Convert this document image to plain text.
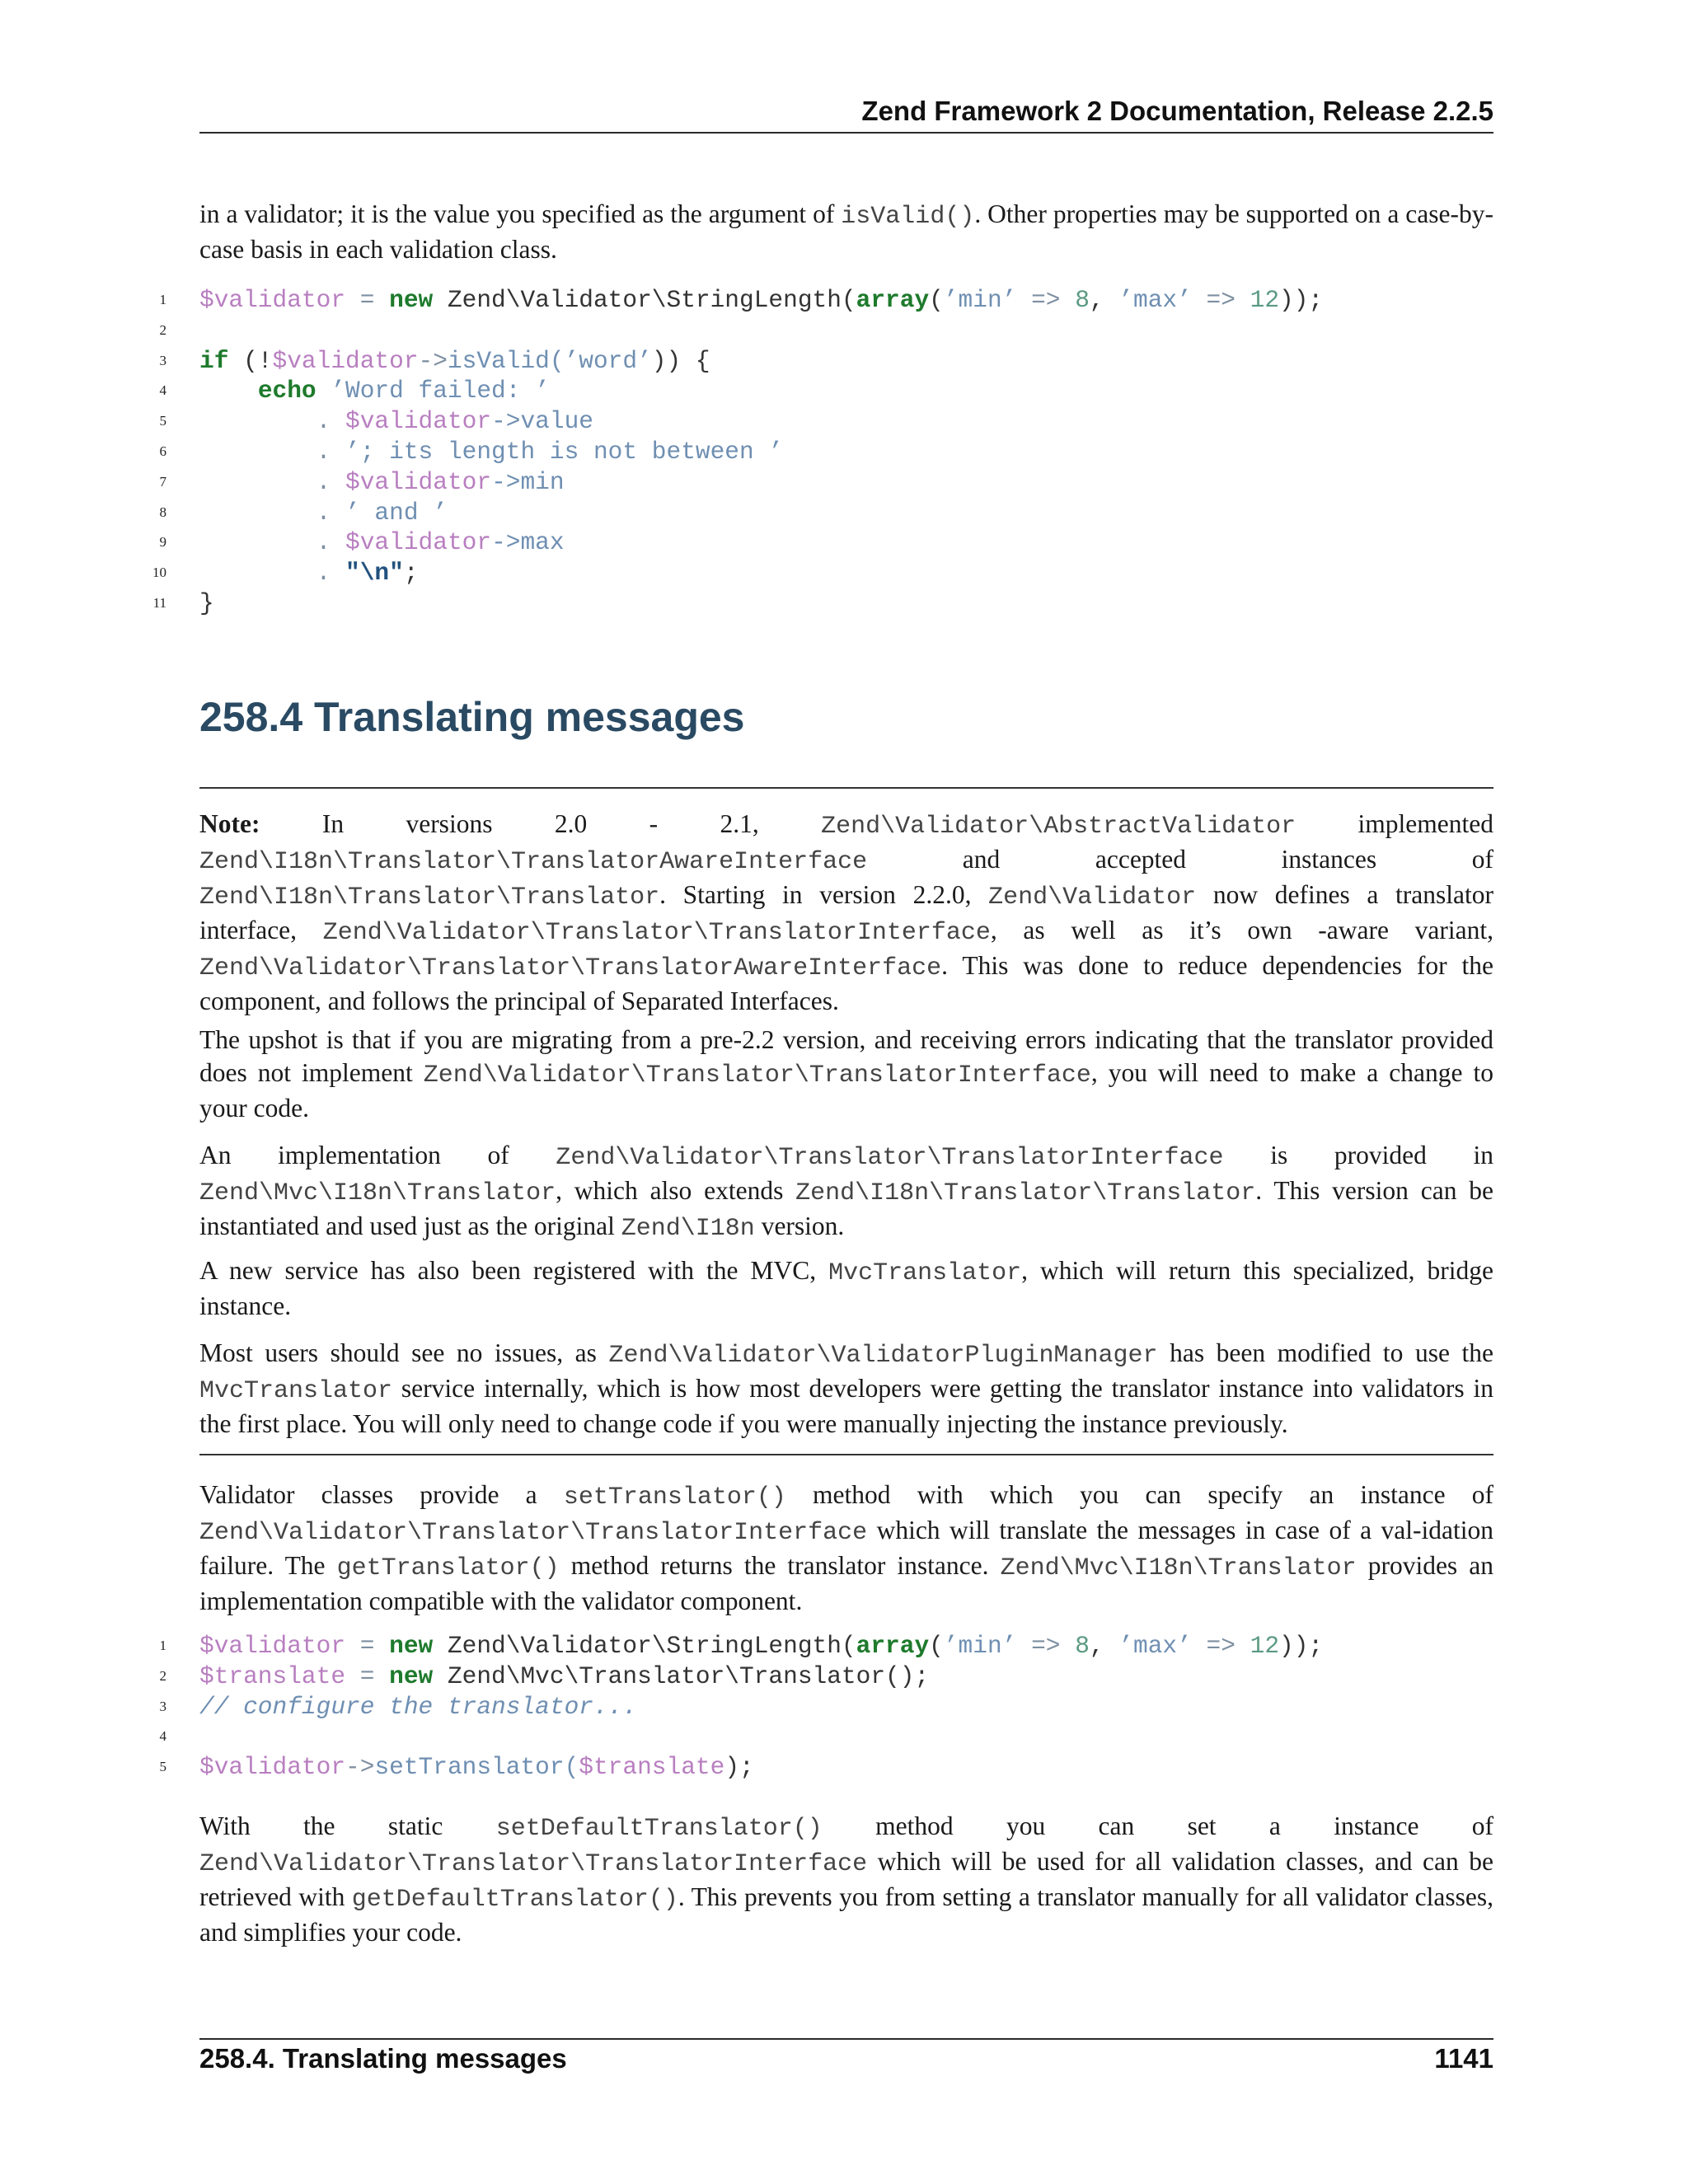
Zend Framework 2 Documentation, Release 2.2.5

in a validator; it is the value you specified as the argument of isValid(). Other properties may be supported on a case-by-case basis in each validation class.

1 $validator = new Zend\Validator\StringLength(array(’min’ => 8, ’max’ => 12));
2
3 if (!$validator->isValid(’word’)) {
4	echo ’Word failed: ’
5 . $validator->value
6 . ’; its length is not between ’
7 . $validator->min
8 . ’ and ’
9 . $validator->max
10 . "\n";
11 }
258.4 Translating messages

Note: In versions 2.0 - 2.1, Zend\Validator\AbstractValidator implemented Zend\I18n\Translator\TranslatorAwareInterface and accepted instances of Zend\I18n\Translator\Translator. Starting in version 2.2.0, Zend\Validator now defines a translator interface, Zend\Validator\Translator\TranslatorInterface, as well as it’s own -aware variant, Zend\Validator\Translator\TranslatorAwareInterface. This was done to reduce dependencies for the component, and follows the principal of Separated Interfaces.

The upshot is that if you are migrating from a pre-2.2 version, and receiving errors indicating that the translator provided does not implement Zend\Validator\Translator\TranslatorInterface, you will need to make a change to your code.

An implementation of Zend\Validator\Translator\TranslatorInterface is provided in Zend\Mvc\I18n\Translator, which also extends Zend\I18n\Translator\Translator. This version can be instantiated and used just as the original Zend\I18n version.

A new service has also been registered with the MVC, MvcTranslator, which will return this specialized, bridge instance.

Most users should see no issues, as Zend\Validator\ValidatorPluginManager has been modified to use the MvcTranslator service internally, which is how most developers were getting the translator instance into validators in the first place. You will only need to change code if you were manually injecting the instance previously.

Validator classes provide a setTranslator() method with which you can specify an instance of Zend\Validator\Translator\TranslatorInterface which will translate the messages in case of a val-idation failure. The getTranslator() method returns the translator instance. Zend\Mvc\I18n\Translator provides an implementation compatible with the validator component.

1 $validator = new Zend\Validator\StringLength(array(’min’ => 8, ’max’ => 12));
2 $translate = new Zend\Mvc\Translator\Translator();
3 // configure the translator...
4
5 $validator->setTranslator($translate);

With the static setDefaultTranslator() method you can set a instance of Zend\Validator\Translator\TranslatorInterface which will be used for all validation classes, and can be retrieved with getDefaultTranslator(). This prevents you from setting a translator manually for all validator classes, and simplifies your code.

258.4. Translating messages	1141
